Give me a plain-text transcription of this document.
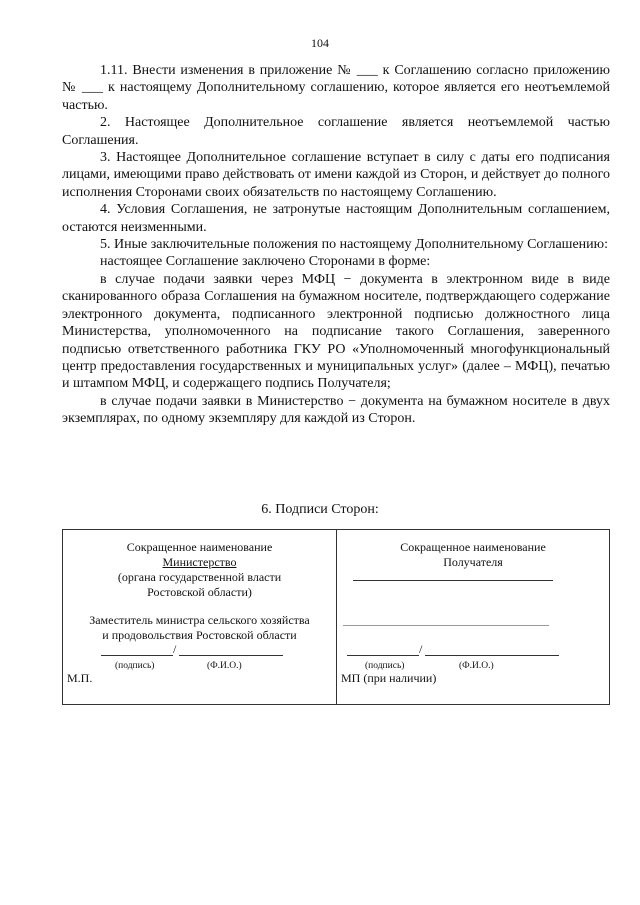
104

1.11. Внести изменения в приложение № ___ к Соглашению согласно приложению № ___ к настоящему Дополнительному соглашению, которое является его неотъемлемой частью.

2. Настоящее Дополнительное соглашение является неотъемлемой частью Соглашения.

3. Настоящее Дополнительное соглашение вступает в силу с даты его подписания лицами, имеющими право действовать от имени каждой из Сторон, и действует до полного исполнения Сторонами своих обязательств по настоящему Соглашению.

4. Условия Соглашения, не затронутые настоящим Дополнительным соглашением, остаются неизменными.

5. Иные заключительные положения по настоящему Дополнительному Соглашению:

настоящее Соглашение заключено Сторонами в форме:

в случае подачи заявки через МФЦ − документа в электронном виде в виде сканированного образа Соглашения на бумажном носителе, подтверждающего содержание электронного документа, подписанного электронной подписью должностного лица Министерства, уполномоченного на подписание такого Соглашения, заверенного подписью ответственного работника ГКУ РО «Уполномоченный многофункциональный центр предоставления государственных и муниципальных услуг» (далее – МФЦ), печатью и штампом МФЦ, и содержащего подпись Получателя;

в случае подачи заявки в Министерство − документа на бумажном носителе в двух экземплярах, по одному экземпляру для каждой из Сторон.

6. Подписи Сторон:
Сокращенное наименование
Министерство
(органа государственной власти
Ростовской области)
Заместитель министра сельского хозяйства
и продовольствия Ростовской области
/
(подпись)	(Ф.И.О.)
М.П.
Сокращенное наименование
Получателя
/
(подпись)	(Ф.И.О.)
МП (при наличии)
